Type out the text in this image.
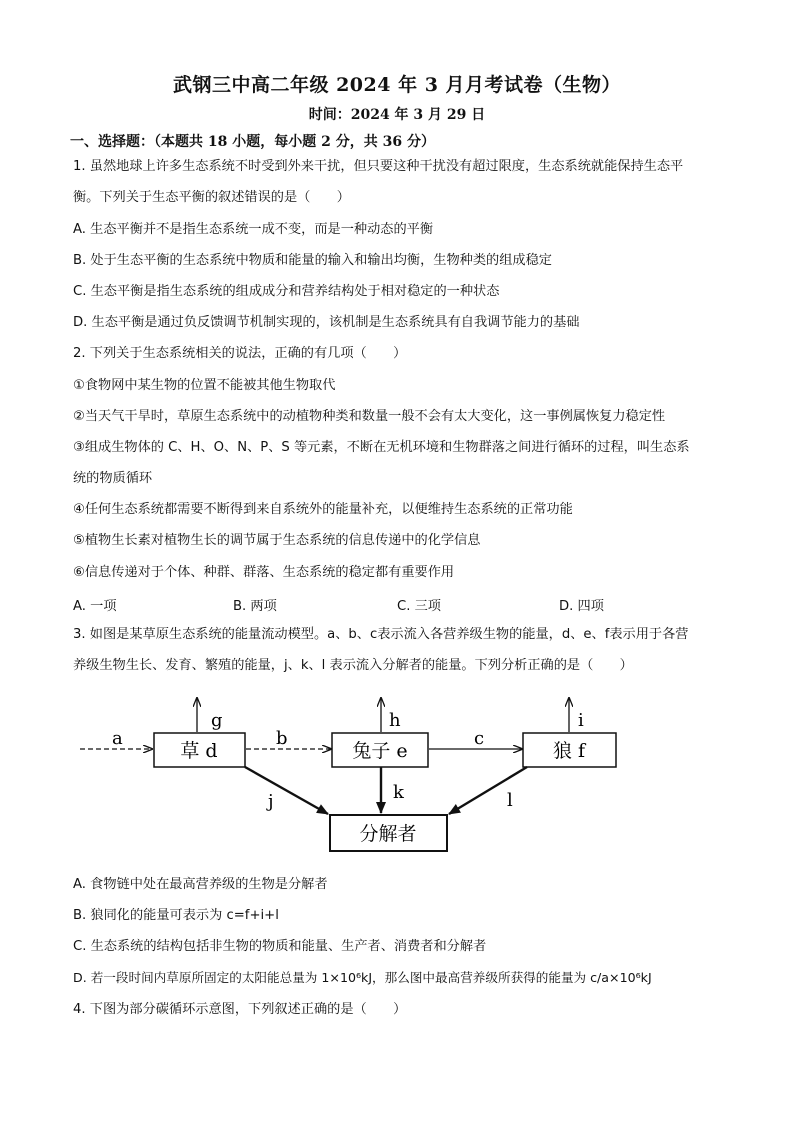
武钢三中高二年级 2024 年 3 月月考试卷（生物）
时间：2024 年 3 月 29 日
一、选择题：（本题共 18 小题，每小题 2 分，共 36 分）
1. 虽然地球上许多生态系统不时受到外来干扰，但只要这种干扰没有超过限度，生态系统就能保持生态平
衡。下列关于生态平衡的叙述错误的是（　　）
A. 生态平衡并不是指生态系统一成不变，而是一种动态的平衡
B. 处于生态平衡的生态系统中物质和能量的输入和输出均衡，生物种类的组成稳定
C. 生态平衡是指生态系统的组成成分和营养结构处于相对稳定的一种状态
D. 生态平衡是通过负反馈调节机制实现的，该机制是生态系统具有自我调节能力的基础
2. 下列关于生态系统相关的说法，正确的有几项（　　）
①食物网中某生物的位置不能被其他生物取代
②当天气干旱时，草原生态系统中的动植物种类和数量一般不会有太大变化，这一事例属恢复力稳定性
③组成生物体的 C、H、O、N、P、S 等元素，不断在无机环境和生物群落之间进行循环的过程，叫生态系
统的物质循环
④任何生态系统都需要不断得到来自系统外的能量补充，以便维持生态系统的正常功能
⑤植物生长素对植物生长的调节属于生态系统的信息传递中的化学信息
⑥信息传递对于个体、种群、群落、生态系统的稳定都有重要作用
A. 一项	B. 两项	C. 三项	D. 四项
3. 如图是某草原生态系统的能量流动模型。a、b、c表示流入各营养级生物的能量，d、e、f表示用于各营
养级生物生长、发育、繁殖的能量，j、k、l 表示流入分解者的能量。下列分析正确的是（　　）
a
草 d
g
b
兔子 e
h
c
狼 f
i
分解者
j	k	l
A. 食物链中处在最高营养级的生物是分解者
B. 狼同化的能量可表示为 c=f+i+l
C. 生态系统的结构包括非生物的物质和能量、生产者、消费者和分解者
D. 若一段时间内草原所固定的太阳能总量为 1×10⁶kJ，那么图中最高营养级所获得的能量为 c/a×10⁶kJ
4. 下图为部分碳循环示意图，下列叙述正确的是（　　）
